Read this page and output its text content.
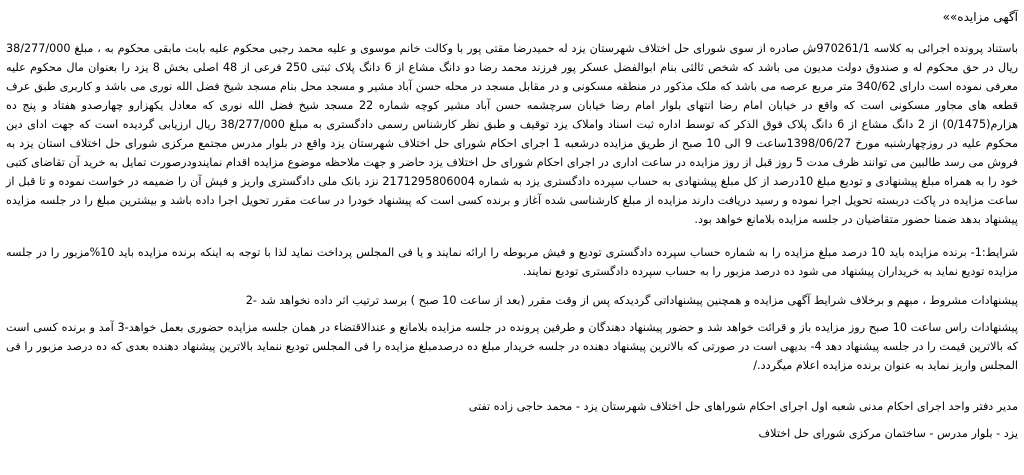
آگهی مزایده»»

باستناد پرونده اجرائی به کلاسه 970261/1ش صادره از سوی شورای حل اختلاف شهرستان یزد له حمیدرضا مقتی پور با وکالت خانم موسوی و علیه محمد رجبی محکوم علیه بابت مابقی محکوم به ، مبلغ 38/277/000 ریال در حق محکوم له و صندوق دولت مدیون می باشد که شخص ثالثی بنام ابوالفضل عسکر پور فرزند محمد رضا دو دانگ مشاع از 6 دانگ پلاک ثبتی 250 فرعی از 48 اصلی بخش 8 یزد را بعنوان مال محکوم علیه معرفی نموده است دارای 340/62 متر مربع عرصه می باشد که ملک مذکور در منطقه مسکونی و در مقابل مسجد در محله حسن آباد مشیر و مسجد محل بنام مسجد شیخ فضل الله نوری می باشد و کاربری طبق عرف قطعه های مجاور مسکونی است که واقع در خیابان امام رضا انتهای بلوار امام رضا خیابان سرچشمه حسن آباد مشیر کوچه شماره 22 مسجد شیخ فضل الله نوری که معادل یکهزارو چهارصدو هفتاد و پنج ده هزارم(0/1475) از 2 دانگ مشاع از 6 دانگ پلاک فوق الذکر که توسط اداره ثبت اسناد واملاک یزد توقیف و طبق نظر کارشناس رسمی دادگستری به مبلغ 38/277/000 ریال ارزیابی گردیده است که جهت ادای دین محکوم علیه در روزچهارشنبه مورخ 1398/06/27ساعت 9 الی 10 صبح از طریق مزایده درشعبه 1 اجرای احکام شورای حل اختلاف شهرستان یزد واقع در بلوار مدرس مجتمع مرکزی شورای حل اختلاف استان یزد به فروش می رسد طالبین می توانند ظرف مدت 5 روز قبل از روز مزایده در ساعت اداری در اجرای احکام شورای حل اختلاف یزد حاضر و جهت ملاحظه موضوع مزایده اقدام نمایندودرصورت تمایل به خرید آن تقاضای کتبی خود را به همراه مبلغ پیشنهادی و تودیع مبلغ 10درصد از کل مبلغ پیشنهادی به حساب سپرده دادگستری یزد به شماره 2171295806004 نزد بانک ملی دادگستری واریز و فیش آن را ضمیمه در خواست نموده و تا قبل از ساعت مزایده در پاکت دربسته تحویل اجرا نموده و رسید دریافت دارند مزایده از مبلغ کارشناسی شده آغاز و برنده کسی است که پیشنهاد خودرا در ساعت مقرر تحویل اجرا داده باشد و بیشترین مبلغ را در جلسه مزایده پیشنهاد بدهد ضمنا حضور متقاضیان در جلسه مزایده بلامانع خواهد بود.

شرایط:1- برنده مزایده باید 10 درصد مبلغ مزایده را به شماره حساب سپرده دادگستری تودیع و فیش مربوطه را ارائه نمایند و یا فی المجلس پرداخت نماید لذا با توجه به اینکه برنده مزایده باید 10%مزبور را در جلسه مزایده تودیع نماید به خریداران پیشنهاد می شود ده درصد مزبور را به حساب سپرده دادگستری تودیع نمایند.

پیشنهادات مشروط ، مبهم و برخلاف شرایط آگهی مزایده و همچنین پیشنهاداتی گردیدکه پس از وقت مقرر (بعد از ساعت 10 صبح ) برسد ترتیب اثر داده نخواهد شد -2

پیشنهادات راس ساعت 10 صبح روز مزایده باز و قرائت خواهد شد و حضور پیشنهاد دهندگان و طرفین پرونده در جلسه مزایده بلامانع و عندالاقتضاء در همان جلسه مزایده حضوری بعمل خواهد-3 آمد و برنده کسی است که بالاترین قیمت را در جلسه پیشنهاد دهد 4- بدیهی است در صورتی که بالاترین پیشنهاد دهنده در جلسه خریدار مبلغ ده درصدمبلغ مزایده را فی المجلس تودیع ننماید بالاترین پیشنهاد دهنده بعدی که ده درصد مزبور را فی المجلس واریز نماید به عنوان برنده مزایده اعلام میگردد./

مدیر دفتر واحد اجرای احکام مدنی شعبه اول اجرای احکام شوراهای حل اختلاف شهرستان یزد - محمد حاجی زاده تفتی

یزد - بلوار مدرس - ساختمان مرکزی شورای حل اختلاف
